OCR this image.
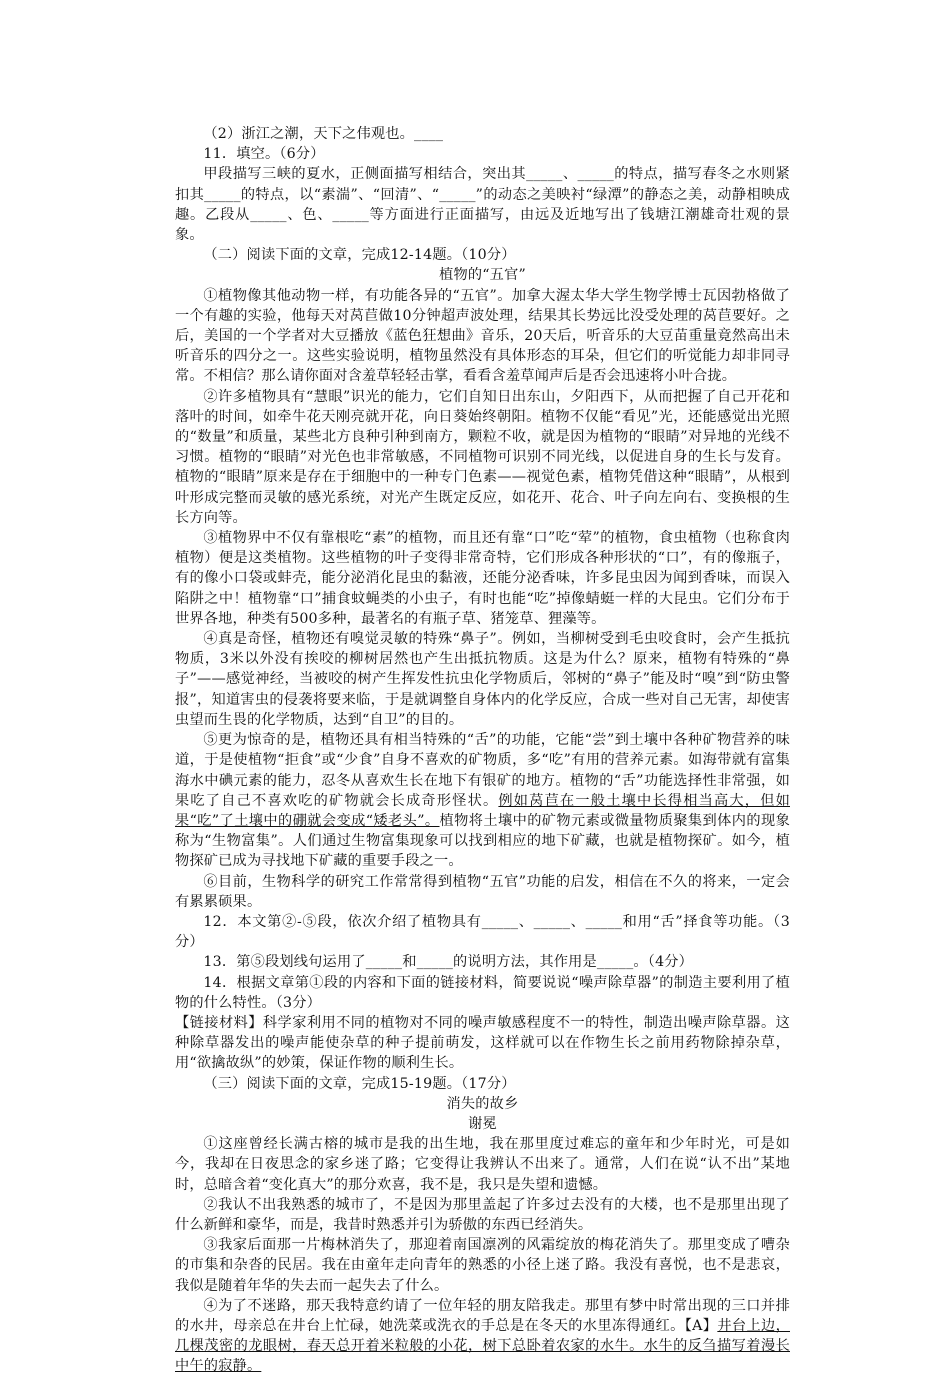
（2）浙江之潮，天下之伟观也。____

11．填空。（6分）

甲段描写三峡的夏水，正侧面描写相结合，突出其_____、_____的特点，描写春冬之水则紧扣其_____的特点，以“素湍”、“回清”、“_____”的动态之美映衬“绿潭”的静态之美，动静相映成趣。乙段从_____、色、_____等方面进行正面描写，由远及近地写出了钱塘江潮雄奇壮观的景象。

（二）阅读下面的文章，完成12-14题。（10分）

植物的“五官”

①植物像其他动物一样，有功能各异的“五官”。加拿大渥太华大学生物学博士瓦因勃格做了一个有趣的实验，他每天对莴苣做10分钟超声波处理，结果其长势远比没受处理的莴苣要好。之后，美国的一个学者对大豆播放《蓝色狂想曲》音乐，20天后，听音乐的大豆苗重量竟然高出未听音乐的四分之一。这些实验说明，植物虽然没有具体形态的耳朵，但它们的听觉能力却非同寻常。不相信？那么请你面对含羞草轻轻击掌，看看含羞草闻声后是否会迅速将小叶合拢。

②许多植物具有“慧眼”识光的能力，它们自知日出东山，夕阳西下，从而把握了自己开花和落叶的时间，如牵牛花天刚亮就开花，向日葵始终朝阳。植物不仅能“看见”光，还能感觉出光照的“数量”和质量，某些北方良种引种到南方，颗粒不收，就是因为植物的“眼睛”对异地的光线不习惯。植物的“眼睛”对光色也非常敏感，不同植物可识别不同光线，以促进自身的生长与发育。植物的“眼睛”原来是存在于细胞中的一种专门色素——视觉色素，植物凭借这种“眼睛”，从根到叶形成完整而灵敏的感光系统，对光产生既定反应，如花开、花合、叶子向左向右、变换根的生长方向等。

③植物界中不仅有靠根吃“素”的植物，而且还有靠“口”吃“荤”的植物，食虫植物（也称食肉植物）便是这类植物。这些植物的叶子变得非常奇特，它们形成各种形状的“口”，有的像瓶子，有的像小口袋或蚌壳，能分泌消化昆虫的黏液，还能分泌香味，许多昆虫因为闻到香味，而误入陷阱之中！植物靠“口”捕食蚊蝇类的小虫子，有时也能“吃”掉像蜻蜓一样的大昆虫。它们分布于世界各地，种类有500多种，最著名的有瓶子草、猪笼草、狸藻等。

④真是奇怪，植物还有嗅觉灵敏的特殊“鼻子”。例如，当柳树受到毛虫咬食时，会产生抵抗物质，3米以外没有挨咬的柳树居然也产生出抵抗物质。这是为什么？原来，植物有特殊的“鼻子”——感觉神经，当被咬的树产生挥发性抗虫化学物质后，邻树的“鼻子”能及时“嗅”到“防虫警报”，知道害虫的侵袭将要来临，于是就调整自身体内的化学反应，合成一些对自己无害，却使害虫望而生畏的化学物质，达到“自卫”的目的。

⑤更为惊奇的是，植物还具有相当特殊的“舌”的功能，它能“尝”到土壤中各种矿物营养的味道，于是使植物“拒食”或“少食”自身不喜欢的矿物质，多“吃”有用的营养元素。如海带就有富集海水中碘元素的能力，忍冬从喜欢生长在地下有银矿的地方。植物的“舌”功能选择性非常强，如果吃了自己不喜欢吃的矿物就会长成奇形怪状。例如莴苣在一般土壤中长得相当高大，但如果“吃”了土壤中的硼就会变成“矮老头”。植物将土壤中的矿物元素或微量物质聚集到体内的现象称为“生物富集”。人们通过生物富集现象可以找到相应的地下矿藏，也就是植物探矿。如今，植物探矿已成为寻找地下矿藏的重要手段之一。

⑥目前，生物科学的研究工作常常得到植物“五官”功能的启发，相信在不久的将来，一定会有累累硕果。

12．本文第②-⑤段，依次介绍了植物具有_____、_____、_____和用“舌”择食等功能。（3分）

13．第⑤段划线句运用了_____和_____的说明方法，其作用是_____。（4分）

14．根据文章第①段的内容和下面的链接材料，简要说说“噪声除草器”的制造主要利用了植物的什么特性。（3分）

【链接材料】科学家利用不同的植物对不同的噪声敏感程度不一的特性，制造出噪声除草器。这种除草器发出的噪声能使杂草的种子提前萌发，这样就可以在作物生长之前用药物除掉杂草，用“欲擒故纵”的妙策，保证作物的顺利生长。

（三）阅读下面的文章，完成15-19题。（17分）

消失的故乡

谢冕

①这座曾经长满古榕的城市是我的出生地，我在那里度过难忘的童年和少年时光，可是如今，我却在日夜思念的家乡迷了路；它变得让我辨认不出来了。通常，人们在说“认不出”某地时，总暗含着“变化真大”的那分欢喜，我不是，我只是失望和遗憾。

②我认不出我熟悉的城市了，不是因为那里盖起了许多过去没有的大楼，也不是那里出现了什么新鲜和豪华，而是，我昔时熟悉并引为骄傲的东西已经消失。

③我家后面那一片梅林消失了，那迎着南国凛冽的风霜绽放的梅花消失了。那里变成了嘈杂的市集和杂沓的民居。我在由童年走向青年的熟悉的小径上迷了路。我没有喜悦，也不是悲哀，我似是随着年华的失去而一起失去了什么。

④为了不迷路，那天我特意约请了一位年轻的朋友陪我走。那里有梦中时常出现的三口并排的水井，母亲总在井台上忙碌，她洗菜或洗衣的手总是在冬天的水里冻得通红。【A】井台上边，几棵茂密的龙眼树，春天总开着米粒般的小花，树下总卧着农家的水牛。水牛的反刍描写着漫长中午的寂静。
